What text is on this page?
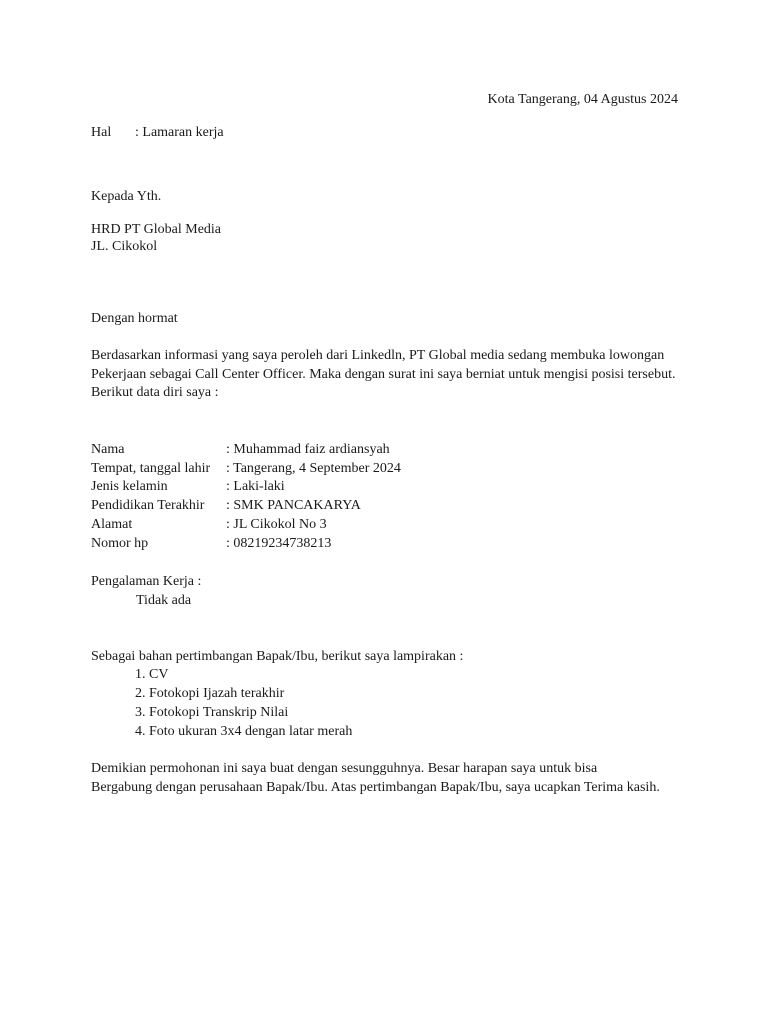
Kota Tangerang, 04 Agustus 2024
Hal : Lamaran kerja
Kepada Yth.
HRD PT Global Media
JL. Cikokol
Dengan hormat
Berdasarkan informasi yang saya peroleh dari Linkedln, PT Global media sedang membuka lowongan
Pekerjaan sebagai Call Center Officer. Maka dengan surat ini saya berniat untuk mengisi posisi tersebut.
Berikut data diri saya :
Nama	: Muhammad faiz ardiansyah
Tempat, tanggal lahir : Tangerang, 4 September 2024
Jenis kelamin	: Laki-laki
Pendidikan Terakhir : SMK PANCAKARYA
Alamat	: JL Cikokol No 3
Nomor hp	: 08219234738213
Pengalaman Kerja :
Tidak ada
Sebagai bahan pertimbangan Bapak/Ibu, berikut saya lampirakan :
1. CV
2. Fotokopi Ijazah terakhir
3. Fotokopi Transkrip Nilai
4. Foto ukuran 3x4 dengan latar merah
Demikian permohonan ini saya buat dengan sesungguhnya. Besar harapan saya untuk bisa
Bergabung dengan perusahaan Bapak/Ibu. Atas pertimbangan Bapak/Ibu, saya ucapkan Terima kasih.
